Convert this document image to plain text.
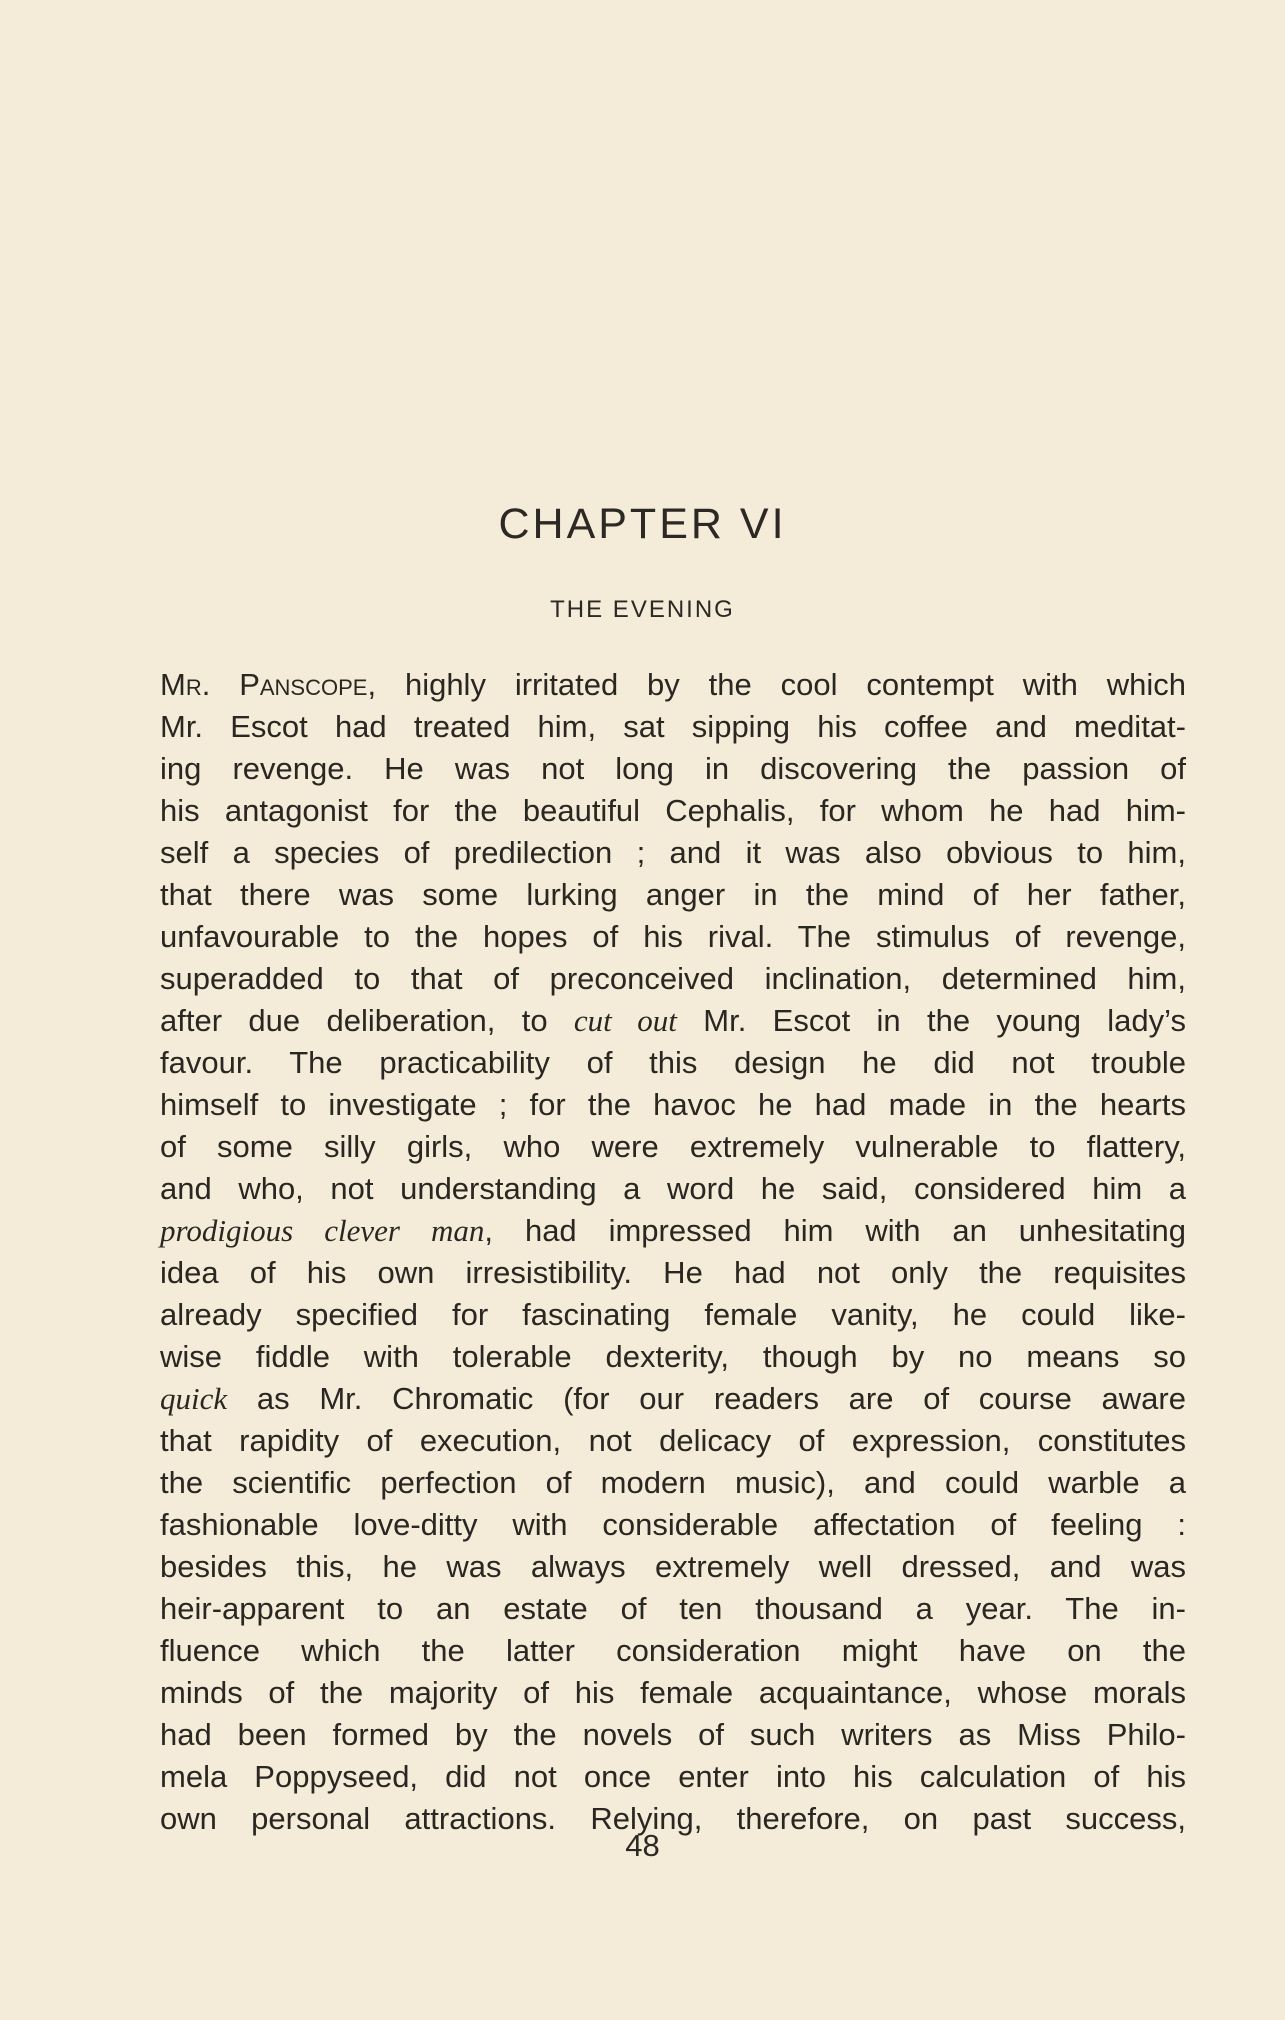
CHAPTER VI
THE EVENING
Mr. Panscope, highly irritated by the cool contempt with which
Mr. Escot had treated him, sat sipping his coffee and meditat-
ing revenge. He was not long in discovering the passion of
his antagonist for the beautiful Cephalis, for whom he had him-
self a species of predilection ; and it was also obvious to him,
that there was some lurking anger in the mind of her father,
unfavourable to the hopes of his rival. The stimulus of revenge,
superadded to that of preconceived inclination, determined him,
after due deliberation, to cut out Mr. Escot in the young lady’s
favour. The practicability of this design he did not trouble
himself to investigate ; for the havoc he had made in the hearts
of some silly girls, who were extremely vulnerable to flattery,
and who, not understanding a word he said, considered him a
prodigious clever man, had impressed him with an unhesitating
idea of his own irresistibility. He had not only the requisites
already specified for fascinating female vanity, he could like-
wise fiddle with tolerable dexterity, though by no means so
quick as Mr. Chromatic (for our readers are of course aware
that rapidity of execution, not delicacy of expression, constitutes
the scientific perfection of modern music), and could warble a
fashionable love-ditty with considerable affectation of feeling :
besides this, he was always extremely well dressed, and was
heir-apparent to an estate of ten thousand a year. The in-
fluence which the latter consideration might have on the
minds of the majority of his female acquaintance, whose morals
had been formed by the novels of such writers as Miss Philo-
mela Poppyseed, did not once enter into his calculation of his
own personal attractions. Relying, therefore, on past success,
48
